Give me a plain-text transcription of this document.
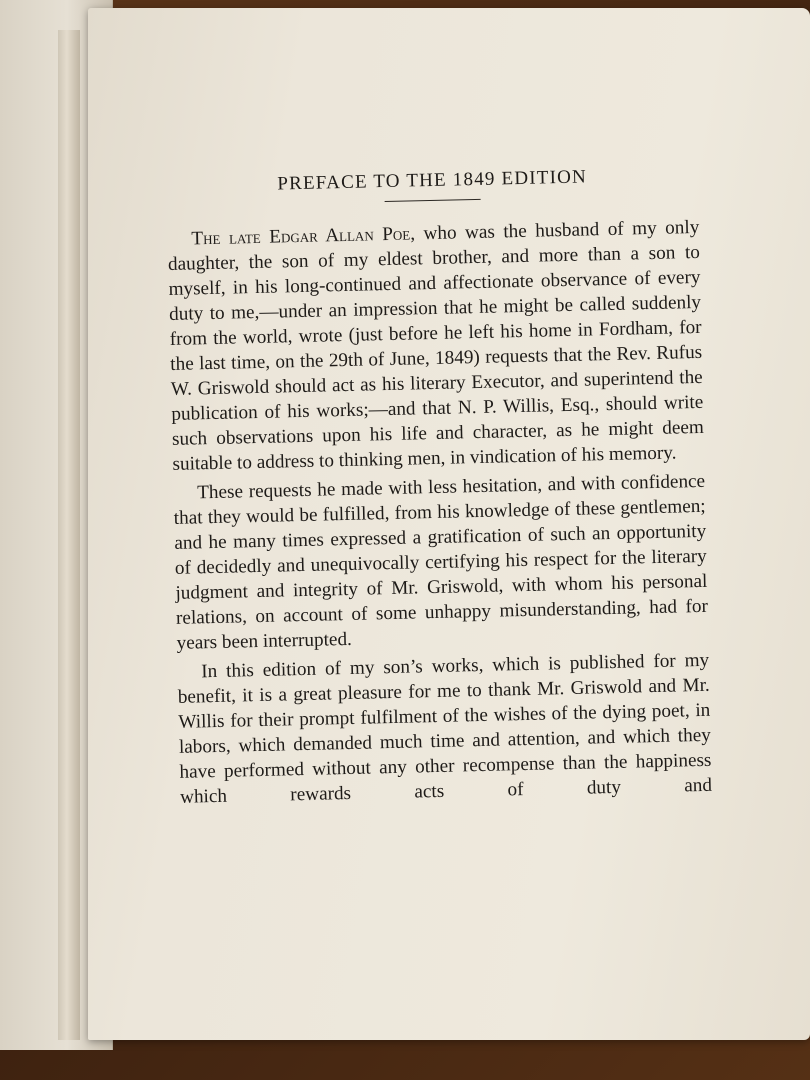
PREFACE TO THE 1849 EDITION

The late Edgar Allan Poe, who was the husband of my only daughter, the son of my eldest brother, and more than a son to myself, in his long-continued and affectionate observance of every duty to me,—under an impression that he might be called suddenly from the world, wrote (just before he left his home in Fordham, for the last time, on the 29th of June, 1849) requests that the Rev. Rufus W. Griswold should act as his literary Executor, and superintend the publication of his works;—and that N. P. Willis, Esq., should write such observations upon his life and character, as he might deem suitable to address to thinking men, in vindication of his memory.

These requests he made with less hesitation, and with confidence that they would be fulfilled, from his knowledge of these gentlemen; and he many times expressed a gratification of such an opportunity of decidedly and unequivocally certifying his respect for the literary judgment and integrity of Mr. Griswold, with whom his personal relations, on account of some unhappy misunderstanding, had for years been interrupted.

In this edition of my son’s works, which is published for my benefit, it is a great pleasure for me to thank Mr. Griswold and Mr. Willis for their prompt fulfilment of the wishes of the dying poet, in labors, which demanded much time and attention, and which they have performed without any other recompense than the happiness which rewards acts of duty and
